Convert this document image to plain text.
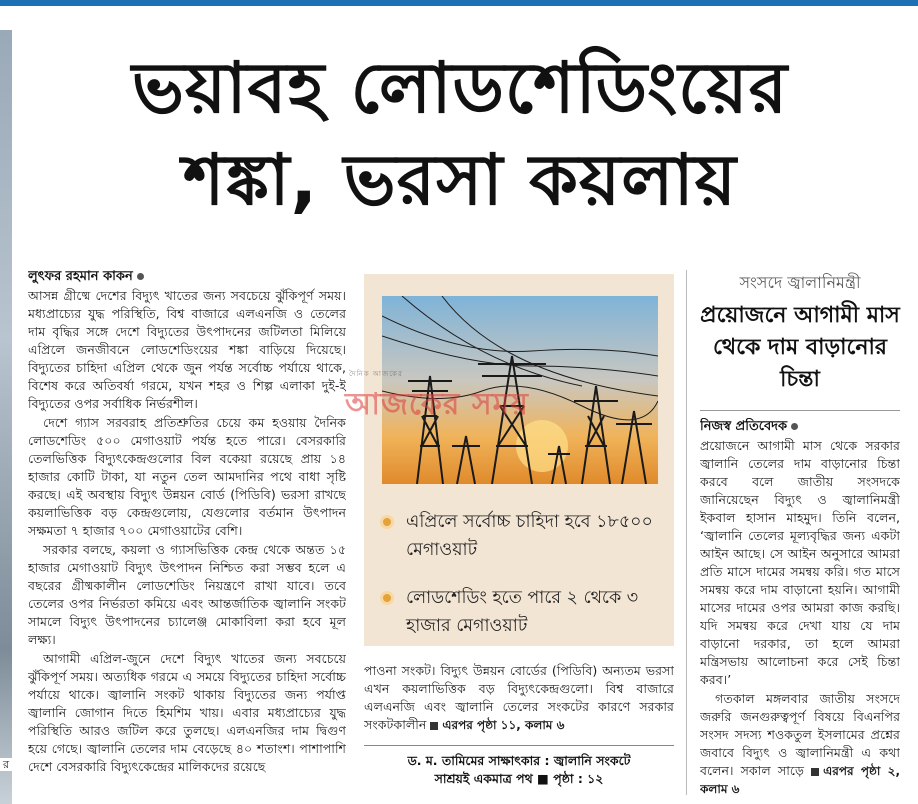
র
ভয়াবহ লোডশেডিংয়ের
শঙ্কা, ভরসা কয়লায়

লুৎফর রহমান কাকন

আসন্ন গ্রীষ্মে দেশের বিদ্যুৎ খাতের জন্য সবচেয়ে ঝুঁকিপূর্ণ সময়। মধ্যপ্রাচ্যের যুদ্ধ পরিস্থিতি, বিশ্ব বাজারে এলএনজি ও তেলের দাম বৃদ্ধির সঙ্গে দেশে বিদ্যুতের উৎপাদনের জটিলতা মিলিয়ে এপ্রিলে জনজীবনে লোডশেডিংয়ের শঙ্কা বাড়িয়ে দিয়েছে। বিদ্যুতের চাহিদা এপ্রিল থেকে জুন পর্যন্ত সর্বোচ্চ পর্যায়ে থাকে, বিশেষ করে অতিবর্ষা গরমে, যখন শহর ও শিল্প এলাকা দুই-ই বিদ্যুতের ওপর সর্বাধিক নির্ভরশীল।

দেশে গ্যাস সরবরাহ প্রতিশ্রুতির চেয়ে কম হওয়ায় দৈনিক লোডশেডিং ৫০০ মেগাওয়াট পর্যন্ত হতে পারে। বেসরকারি তেলভিত্তিক বিদ্যুৎকেন্দ্রগুলোর বিল বকেয়া রয়েছে প্রায় ১৪ হাজার কোটি টাকা, যা নতুন তেল আমদানির পথে বাধা সৃষ্টি করছে। এই অবস্থায় বিদ্যুৎ উন্নয়ন বোর্ড (পিডিবি) ভরসা রাখছে কয়লাভিত্তিক বড় কেন্দ্রগুলোয়, যেগুলোর বর্তমান উৎপাদন সক্ষমতা ৭ হাজার ৭০০ মেগাওয়াটের বেশি।

সরকার বলছে, কয়লা ও গ্যাসভিত্তিক কেন্দ্র থেকে অন্তত ১৫ হাজার মেগাওয়াট বিদ্যুৎ উৎপাদন নিশ্চিত করা সম্ভব হলে এ বছরের গ্রীষ্মকালীন লোডশেডিং নিয়ন্ত্রণে রাখা যাবে। তবে তেলের ওপর নির্ভরতা কমিয়ে এবং আন্তর্জাতিক জ্বালানি সংকট সামলে বিদ্যুৎ উৎপাদনের চ্যালেঞ্জ মোকাবিলা করা হবে মূল লক্ষ্য।

আগামী এপ্রিল-জুনে দেশে বিদ্যুৎ খাতের জন্য সবচেয়ে ঝুঁকিপূর্ণ সময়। অত্যধিক গরমে এ সময়ে বিদ্যুতের চাহিদা সর্বোচ্চ পর্যায়ে থাকে। জ্বালানি সংকট থাকায় বিদ্যুতের জন্য পর্যাপ্ত জ্বালানি জোগান দিতে হিমশিম খায়। এবার মধ্যপ্রাচ্যের যুদ্ধ পরিস্থিতি আরও জটিল করে তুলছে। এলএনজির দাম দ্বিগুণ হয়ে গেছে। জ্বালানি তেলের দাম বেড়েছে ৪০ শতাংশ। পাশাপাশি দেশে বেসরকারি বিদ্যুৎকেন্দ্রের মালিকদের রয়েছে

দৈনিক আজকের
আজকের সময়
এপ্রিলে সর্বোচ্চ চাহিদা হবে ১৮৫০০ মেগাওয়াট
লোডশেডিং হতে পারে ২ থেকে ৩ হাজার মেগাওয়াট

পাওনা সংকট। বিদ্যুৎ উন্নয়ন বোর্ডের (পিডিবি) অন্যতম ভরসা এখন কয়লাভিত্তিক বড় বিদ্যুৎকেন্দ্রগুলো। বিশ্ব বাজারে এলএনজি এবং জ্বালানি তেলের সংকটের কারণে সরকার সংকটকালীন এরপর পৃষ্ঠা ১১, কলাম ৬

ড. ম. তামিমের সাক্ষাৎকার : জ্বালানি সংকটে
সাশ্রয়ই একমাত্র পথ ■ পৃষ্ঠা : ১২
সংসদে জ্বালানিমন্ত্রী
প্রয়োজনে আগামী মাস থেকে দাম বাড়ানোর চিন্তা

নিজস্ব প্রতিবেদক

প্রয়োজনে আগামী মাস থেকে সরকার জ্বালানি তেলের দাম বাড়ানোর চিন্তা করবে বলে জাতীয় সংসদকে জানিয়েছেন বিদ্যুৎ ও জ্বালানিমন্ত্রী ইকবাল হাসান মাহমুদ। তিনি বলেন, ‘জ্বালানি তেলের মূল্যবৃদ্ধির জন্য একটা আইন আছে। সে আইন অনুসারে আমরা প্রতি মাসে দামের সমন্বয় করি। গত মাসে সমন্বয় করে দাম বাড়ানো হয়নি। আগামী মাসের দামের ওপর আমরা কাজ করছি। যদি সমন্বয় করে দেখা যায় যে দাম বাড়ানো দরকার, তা হলে আমরা মন্ত্রিসভায় আলোচনা করে সেই চিন্তা করব।’

গতকাল মঙ্গলবার জাতীয় সংসদে জরুরি জনগুরুত্বপূর্ণ বিষয়ে বিএনপির সংসদ সদস্য শওকতুল ইসলামের প্রশ্নের জবাবে বিদ্যুৎ ও জ্বালানিমন্ত্রী এ কথা বলেন। সকাল সাড়ে এরপর পৃষ্ঠা ২, কলাম ৬
